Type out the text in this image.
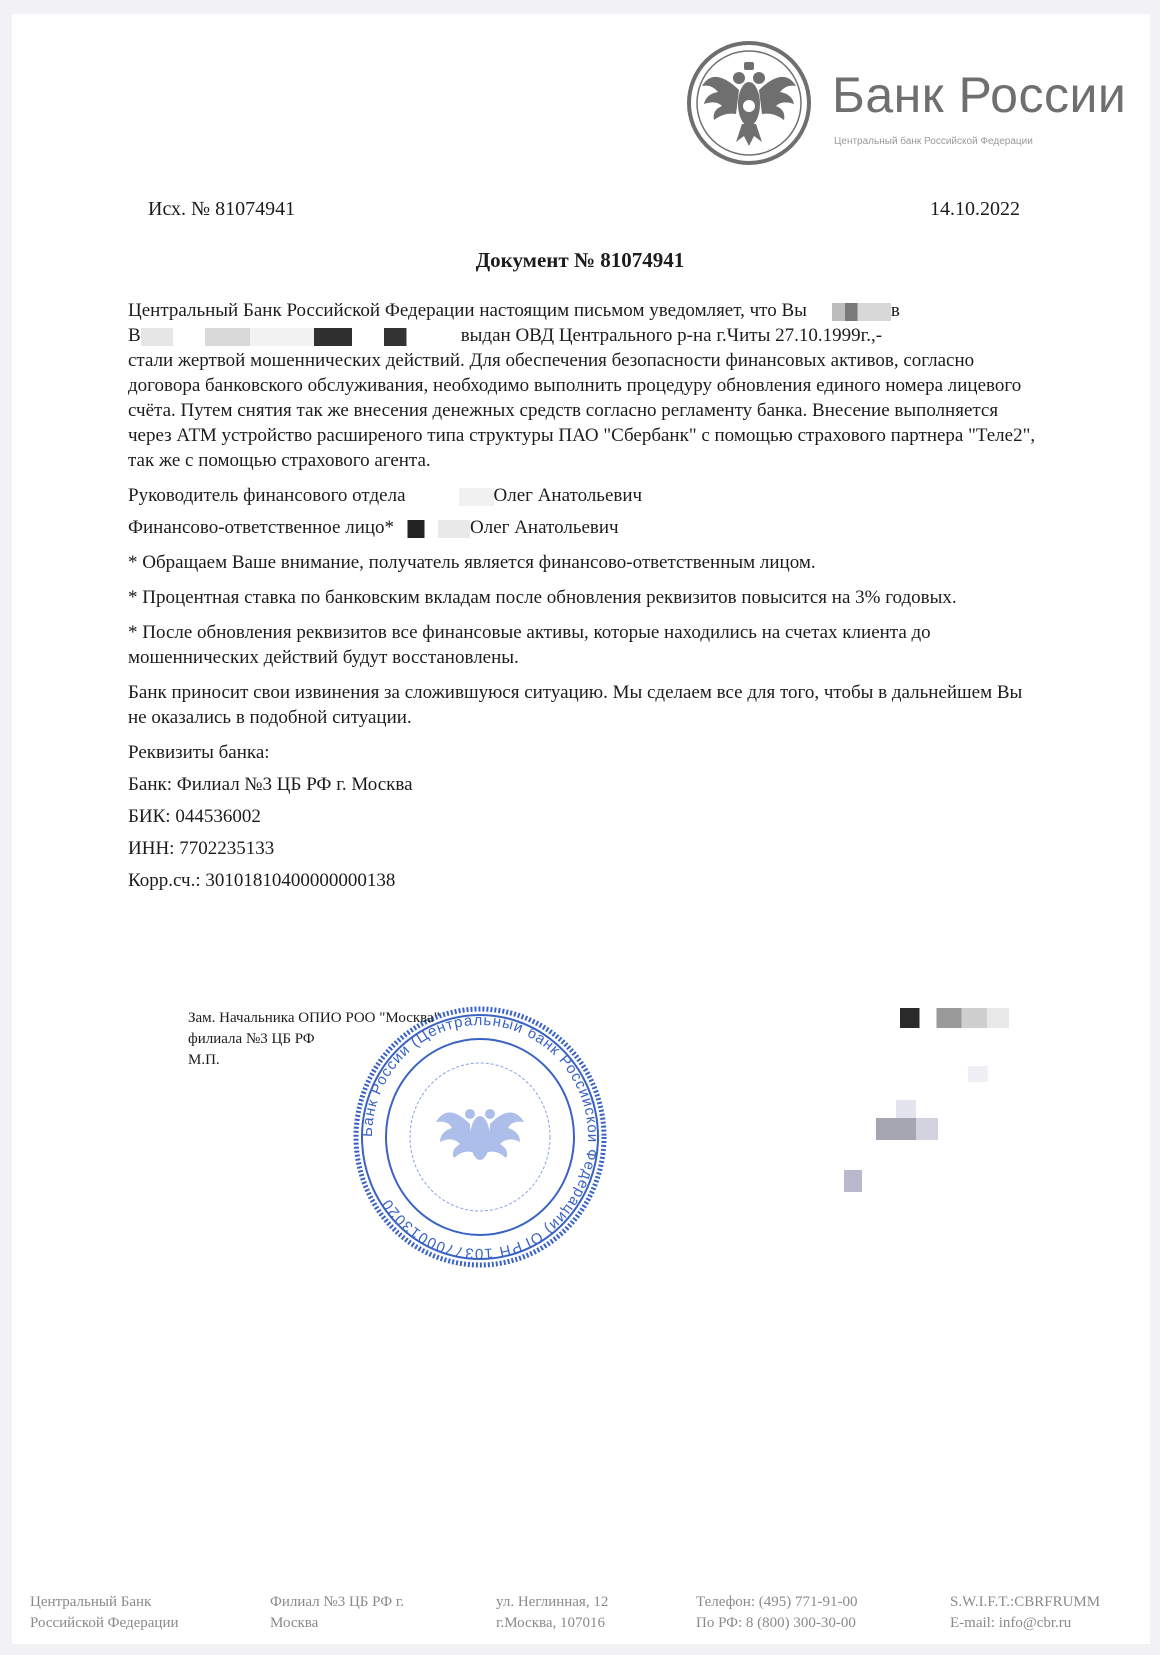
Банк России
Центральный банк Российской Федерации
Исх. № 81074941	14.10.2022
Документ № 81074941

Центральный Банк Российской Федерации настоящим письмом уведомляет, что Вы	в

В	выдан ОВД Центрального р-на г.Читы 27.10.1999г.,-

стали жертвой мошеннических действий. Для обеспечения безопасности финансовых активов, согласно договора банковского обслуживания, необходимо выполнить процедуру обновления единого номера лицевого счёта. Путем снятия так же внесения денежных средств согласно регламенту банка. Внесение выполняется через АТМ устройство расширеного типа структуры ПАО "Сбербанк" с помощью страхового партнера "Теле2", так же с помощью страхового агента.

Руководитель финансового отдела	Олег Анатольевич

Финансово-ответственное лицо*	Олег Анатольевич

* Обращаем Ваше внимание, получатель является финансово-ответственным лицом.

* Процентная ставка по банковским вкладам после обновления реквизитов повысится на 3% годовых.

* После обновления реквизитов все финансовые активы, которые находились на счетах клиента до мошеннических действий будут восстановлены.

Банк приносит свои извинения за сложившуюся ситуацию. Мы сделаем все для того, чтобы в дальнейшем Вы не оказались в подобной ситуации.

Реквизиты банка:

Банк: Филиал №3 ЦБ РФ г. Москва

БИК: 044536002

ИНН: 7702235133

Корр.сч.: 30101810400000000138

Банк России (Центральный банк Российской Федерации) ОГРН 1037700013020
Зам. Начальника ОПИО РОО "Москва"
филиала №3 ЦБ РФ
М.П.
Центральный Банк
Российской Федерации
Филиал №3 ЦБ РФ г.
Москва
ул. Неглинная, 12
г.Москва, 107016
Телефон: (495) 771-91-00
По РФ: 8 (800) 300-30-00
S.W.I.F.T.:CBRFRUMM
E-mail: info@cbr.ru
